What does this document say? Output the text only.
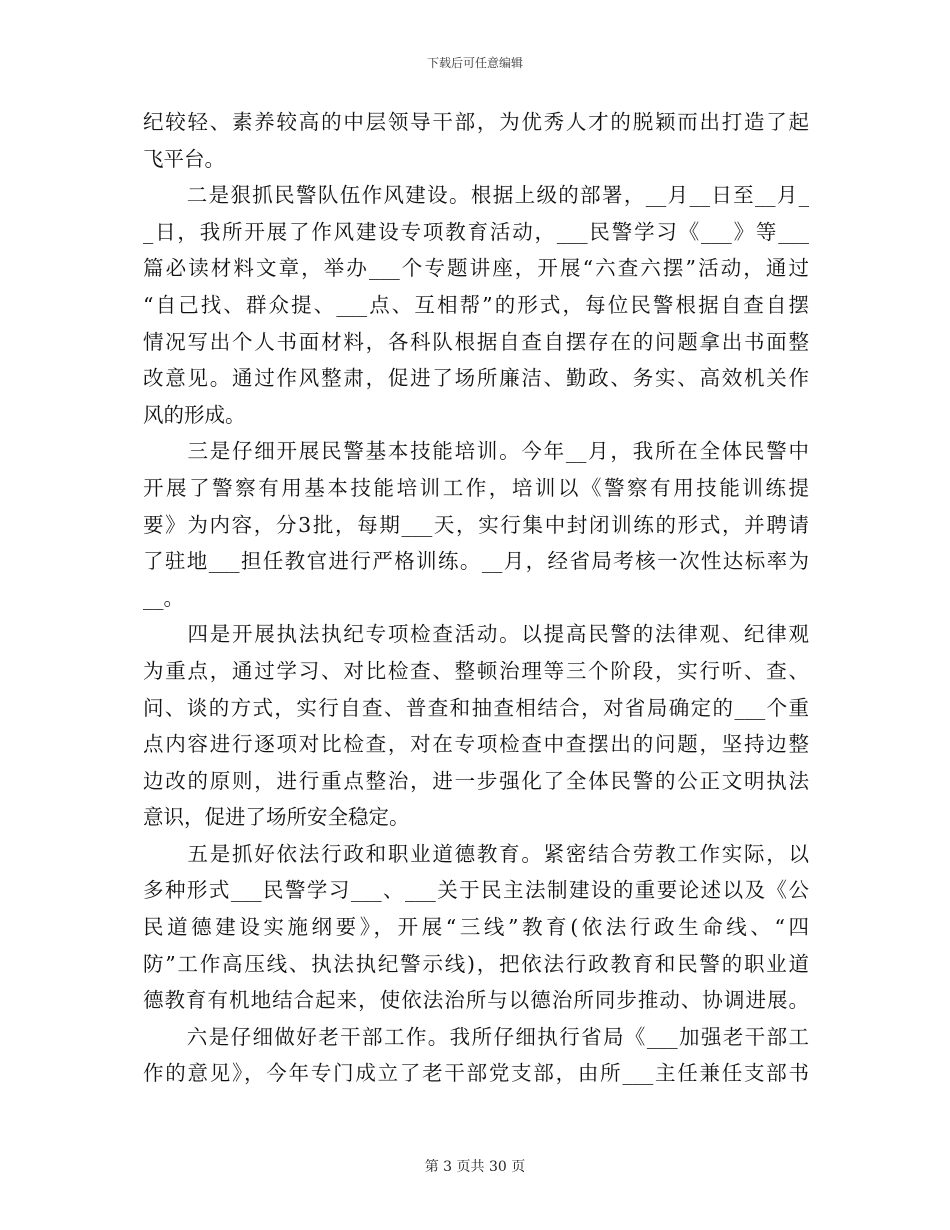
下载后可任意编辑
纪较轻、素养较高的中层领导干部，为优秀人才的脱颖而出打造了起
飞平台。
　　二是狠抓民警队伍作风建设。根据上级的部署，__月__日至__月_
_日，我所开展了作风建设专项教育活动，___民警学习《___》等___
篇必读材料文章，举办___个专题讲座，开展“六查六摆”活动，通过
“自己找、群众提、___点、互相帮”的形式，每位民警根据自查自摆
情况写出个人书面材料，各科队根据自查自摆存在的问题拿出书面整
改意见。通过作风整肃，促进了场所廉洁、勤政、务实、高效机关作
风的形成。
　　三是仔细开展民警基本技能培训。今年__月，我所在全体民警中
开展了警察有用基本技能培训工作，培训以《警察有用技能训练提
要》为内容，分3批，每期___天，实行集中封闭训练的形式，并聘请
了驻地___担任教官进行严格训练。__月，经省局考核一次性达标率为
__。
　　四是开展执法执纪专项检查活动。以提高民警的法律观、纪律观
为重点，通过学习、对比检查、整顿治理等三个阶段，实行听、查、
问、谈的方式，实行自查、普查和抽查相结合，对省局确定的___个重
点内容进行逐项对比检查，对在专项检查中查摆出的问题，坚持边整
边改的原则，进行重点整治，进一步强化了全体民警的公正文明执法
意识，促进了场所安全稳定。
　　五是抓好依法行政和职业道德教育。紧密结合劳教工作实际，以
多种形式___民警学习___、___关于民主法制建设的重要论述以及《公
民道德建设实施纲要》，开展“三线”教育(依法行政生命线、“四
防”工作高压线、执法执纪警示线)，把依法行政教育和民警的职业道
德教育有机地结合起来，使依法治所与以德治所同步推动、协调进展。
　　六是仔细做好老干部工作。我所仔细执行省局《___加强老干部工
作的意见》，今年专门成立了老干部党支部，由所___主任兼任支部书
第 3 页共 30 页
